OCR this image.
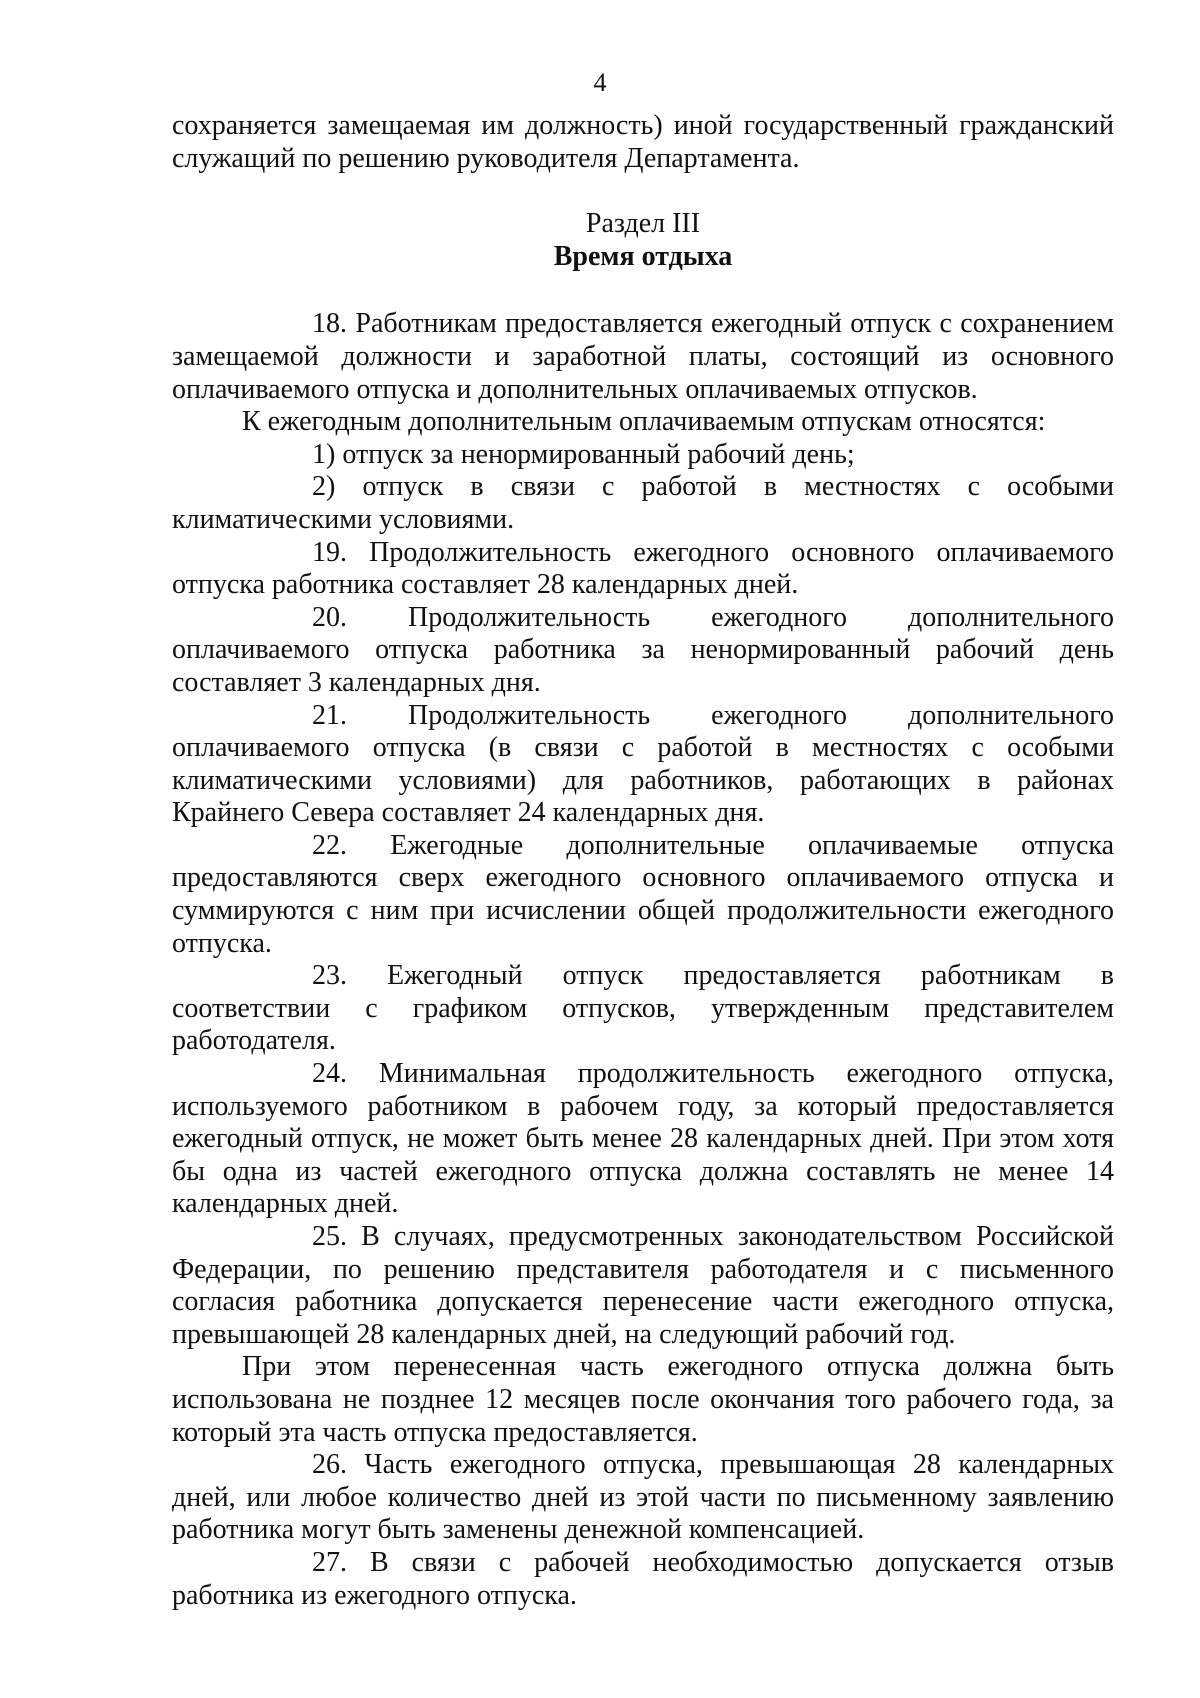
4

сохраняется замещаемая им должность) иной государственный гражданский служащий по решению руководителя Департамента.

Раздел III
Время отдыха

18. Работникам предоставляется ежегодный отпуск с сохранением замещаемой должности и заработной платы, состоящий из основного оплачиваемого отпуска и дополнительных оплачиваемых отпусков.

К ежегодным дополнительным оплачиваемым отпускам относятся:

1) отпуск за ненормированный рабочий день;

2) отпуск в связи с работой в местностях с особыми климатическими условиями.

19. Продолжительность ежегодного основного оплачиваемого отпуска работника составляет 28 календарных дней.

20. Продолжительность ежегодного дополнительного оплачиваемого отпуска работника за ненормированный рабочий день составляет 3 календарных дня.

21. Продолжительность ежегодного дополнительного оплачиваемого отпуска (в связи с работой в местностях с особыми климатическими условиями) для работников, работающих в районах Крайнего Севера составляет 24 календарных дня.

22. Ежегодные дополнительные оплачиваемые отпуска предоставляются сверх ежегодного основного оплачиваемого отпуска и суммируются с ним при исчислении общей продолжительности ежегодного отпуска.

23. Ежегодный отпуск предоставляется работникам в соответствии с графиком отпусков, утвержденным представителем работодателя.

24. Минимальная продолжительность ежегодного отпуска, используемого работником в рабочем году, за который предоставляется ежегодный отпуск, не может быть менее 28 календарных дней. При этом хотя бы одна из частей ежегодного отпуска должна составлять не менее 14 календарных дней.

25. В случаях, предусмотренных законодательством Российской Федерации, по решению представителя работодателя и с письменного согласия работника допускается перенесение части ежегодного отпуска, превышающей 28 календарных дней, на следующий рабочий год.

При этом перенесенная часть ежегодного отпуска должна быть использована не позднее 12 месяцев после окончания того рабочего года, за который эта часть отпуска предоставляется.

26. Часть ежегодного отпуска, превышающая 28 календарных дней, или любое количество дней из этой части по письменному заявлению работника могут быть заменены денежной компенсацией.

27. В связи с рабочей необходимостью допускается отзыв работника из ежегодного отпуска.
